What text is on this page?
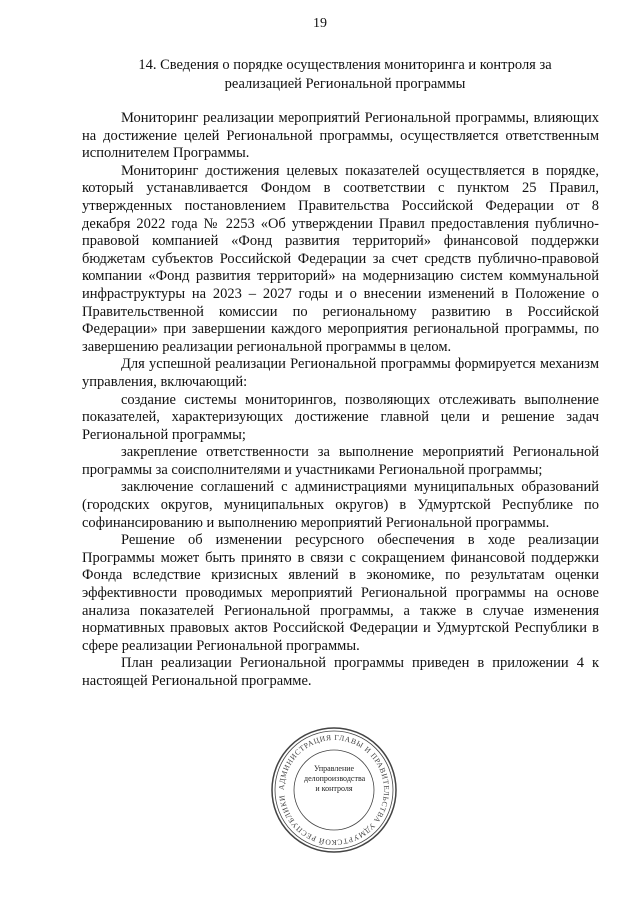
19
14. Сведения о порядке осуществления мониторинга и контроля за реализацией Региональной программы

Мониторинг реализации мероприятий Региональной программы, влияющих на достижение целей Региональной программы, осуществляется ответственным исполнителем Программы.

Мониторинг достижения целевых показателей осуществляется в порядке, который устанавливается Фондом в соответствии с пунктом 25 Правил, утвержденных постановлением Правительства Российской Федерации от 8 декабря 2022 года № 2253 «Об утверждении Правил предоставления публично-правовой компанией «Фонд развития территорий» финансовой поддержки бюджетам субъектов Российской Федерации за счет средств публично-правовой компании «Фонд развития территорий» на модернизацию систем коммунальной инфраструктуры на 2023 – 2027 годы и о внесении изменений в Положение о Правительственной комиссии по региональному развитию в Российской Федерации» при завершении каждого мероприятия региональной программы, по завершению реализации региональной программы в целом.

Для успешной реализации Региональной программы формируется механизм управления, включающий:

создание системы мониторингов, позволяющих отслеживать выполнение показателей, характеризующих достижение главной цели и решение задач Региональной программы;

закрепление ответственности за выполнение мероприятий Региональной программы за соисполнителями и участниками Региональной программы;

заключение соглашений с администрациями муниципальных образований (городских округов, муниципальных округов) в Удмуртской Республике по софинансированию и выполнению мероприятий Региональной программы.

Решение об изменении ресурсного обеспечения в ходе реализации Программы может быть принято в связи с сокращением финансовой поддержки Фонда вследствие кризисных явлений в экономике, по результатам оценки эффективности проводимых мероприятий Региональной программы на основе анализа показателей Региональной программы, а также в случае изменения нормативных правовых актов Российской Федерации и Удмуртской Республики в сфере реализации Региональной программы.

План реализации Региональной программы приведен в приложении 4 к настоящей Региональной программе.

АДМИНИСТРАЦИЯ ГЛАВЫ И ПРАВИТЕЛЬСТВА УДМУРТСКОЙ РЕСПУБЛИКИ
Управление делопроизводства и контроля
